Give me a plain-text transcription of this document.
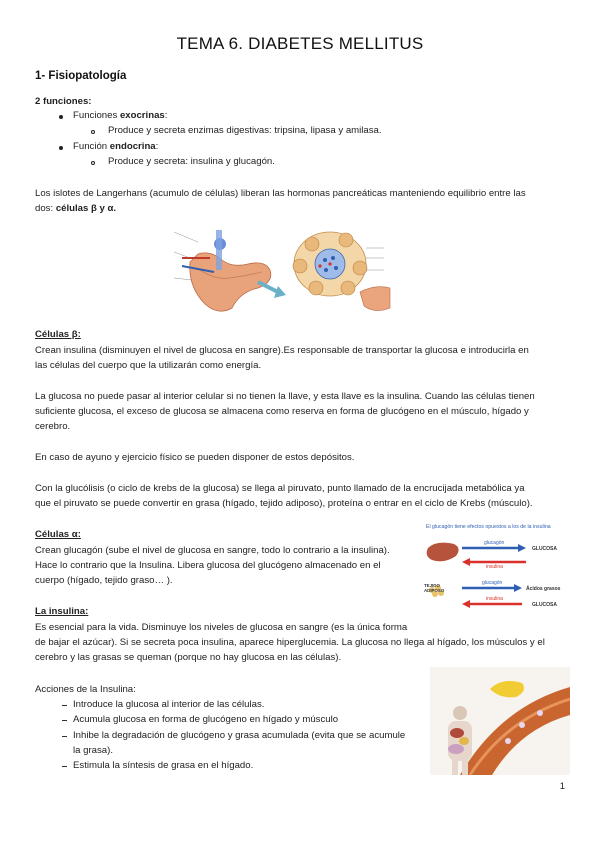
TEMA 6. DIABETES MELLITUS
1- Fisiopatología
2 funciones:
Funciones exocrinas:
Produce y secreta enzimas digestivas: tripsina, lipasa y amilasa.
Función endocrina:
Produce y secreta: insulina y glucagón.
Los islotes de Langerhans (acumulo de células) liberan las hormonas pancreáticas manteniendo equilibrio entre las
dos: células β y α.
Células β:
Crean insulina (disminuyen el nivel de glucosa en sangre).Es responsable de transportar la glucosa e introducirla en
las células del cuerpo que la utilizarán como energía.
La glucosa no puede pasar al interior celular si no tienen la llave, y esta llave es la insulina. Cuando las células tienen
suficiente glucosa, el exceso de glucosa se almacena como reserva en forma de glucógeno en el músculo, hígado y
cerebro.
En caso de ayuno y ejercicio físico se pueden disponer de estos depósitos.
Con la glucólisis (o ciclo de krebs de la glucosa) se llega al piruvato, punto llamado de la encrucijada metabólica ya
que el piruvato se puede convertir en grasa (hígado, tejido adiposo), proteína o entrar en el ciclo de Krebs (músculo).
Células α:
Crean glucagón (sube el nivel de glucosa en sangre, todo lo contrario a la insulina).
Hace lo contrario que la Insulina. Libera glucosa del glucógeno almacenado en el
cuerpo (hígado, tejido graso… ).
El glucagón tiene efectos opuestos a los de la insulina
glucagón
GLUCOSA
insulina
TEJIDO ADIPOSO
glucagón
Ácidos grasos
insulina
GLUCOSA
La insulina:
Es esencial para la vida. Disminuye los niveles de glucosa en sangre (es la única forma
de bajar el azúcar). Si se secreta poca insulina, aparece hiperglucemia. La glucosa no llega al hígado, los músculos y el
cerebro y las grasas se queman (porque no hay glucosa en las células).
Acciones de la Insulina:
Introduce la glucosa al interior de las células.
Acumula glucosa en forma de glucógeno en hígado y músculo
Inhibe la degradación de glucógeno y grasa acumulada (evita que se acumule
la grasa).
Estimula la síntesis de grasa en el hígado.
1
